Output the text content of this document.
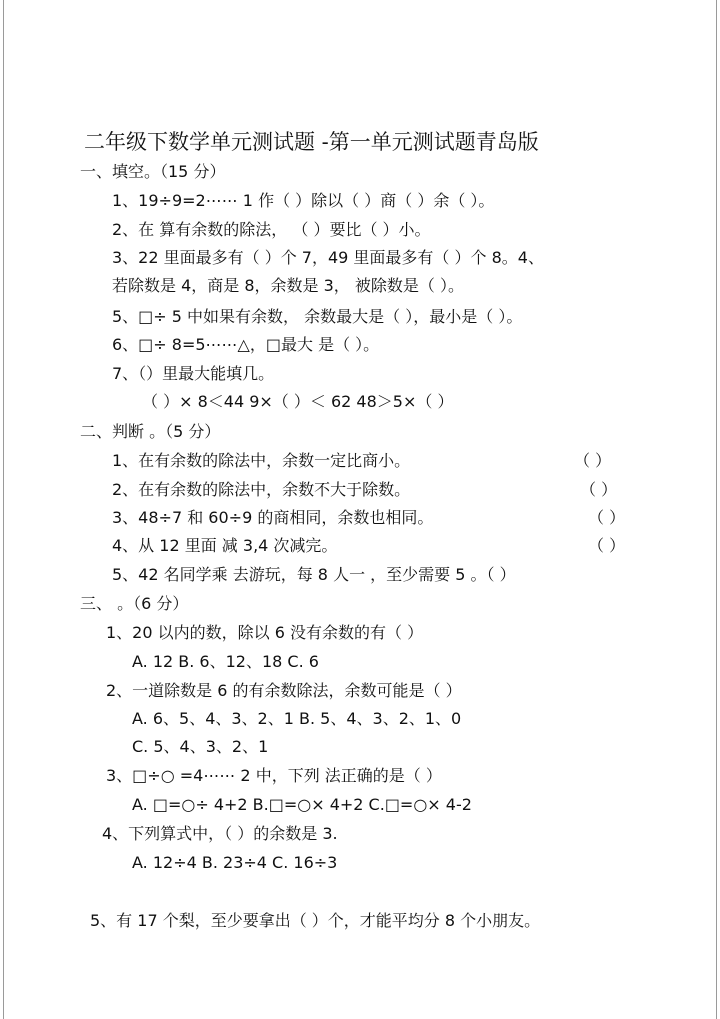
二年级下数学单元测试题 -第一单元测试题青岛版
一、填空。（15 分）
1、19÷9=2⋯⋯ 1 作（ ）除以（ ）商（ ）余（ ）。
2、在 算有余数的除法， （ ）要比（ ）小。
3、22 里面最多有（ ）个 7，49 里面最多有（ ）个 8。4、
若除数是 4，商是 8，余数是 3， 被除数是（ ）。
5、□÷ 5 中如果有余数， 余数最大是（ ），最小是（ ）。
6、□÷ 8=5⋯⋯△，□最大 是（ ）。
7、（）里最大能填几。
（ ）× 8＜44 9×（ ）＜ 62 48＞5×（ ）
二、判断 。（5 分）
1、在有余数的除法中，余数一定比商小。	（ ）
2、在有余数的除法中，余数不大于除数。	（ ）
3、48÷7 和 60÷9 的商相同，余数也相同。	（ ）
4、从 12 里面 减 3,4 次减完。	（ ）
5、42 名同学乘 去游玩，每 8 人一 ，至少需要 5 。（ ）
三、 。（6 分）
1、20 以内的数，除以 6 没有余数的有（ ）
A. 12 B. 6、12、18 C. 6
2、一道除数是 6 的有余数除法，余数可能是（ ）
A. 6、5、4、3、2、1 B. 5、4、3、2、1、0
C. 5、4、3、2、1
3、□÷○ =4⋯⋯ 2 中，下列 法正确的是（ ）
A. □=○÷ 4+2 B.□=○× 4+2 C.□=○× 4-2
4、下列算式中，（ ）的余数是 3.
A. 12÷4 B. 23÷4 C. 16÷3
5、有 17 个梨，至少要拿出（ ）个，才能平均分 8 个小朋友。
